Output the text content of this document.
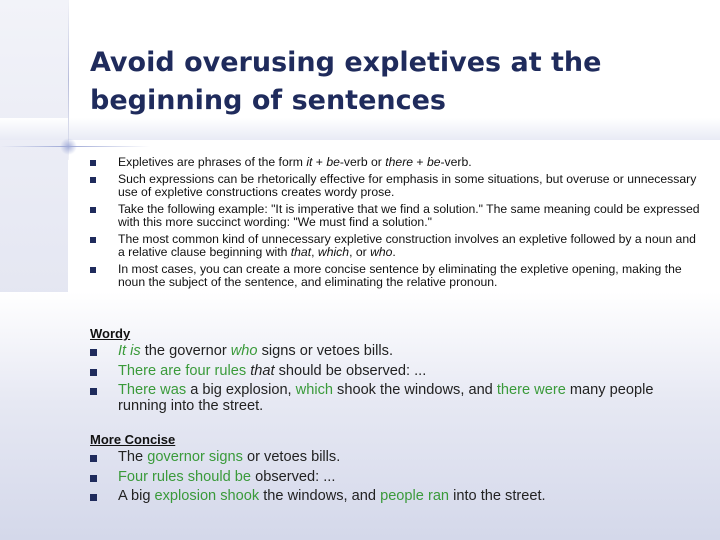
Avoid overusing expletives at the beginning of sentences
Expletives are phrases of the form it + be-verb or there + be-verb.
Such expressions can be rhetorically effective for emphasis in some situations, but overuse or unnecessary use of expletive constructions creates wordy prose.
Take the following example: "It is imperative that we find a solution." The same meaning could be expressed with this more succinct wording: "We must find a solution."
The most common kind of unnecessary expletive construction involves an expletive followed by a noun and a relative clause beginning with that, which, or who.
In most cases, you can create a more concise sentence by eliminating the expletive opening, making the noun the subject of the sentence, and eliminating the relative pronoun.

Wordy

It is the governor who signs or vetoes bills.
There are four rules that should be observed: ...
There was a big explosion, which shook the windows, and there were many people running into the street.

More Concise

The governor signs or vetoes bills.
Four rules should be observed: ...
A big explosion shook the windows, and people ran into the street.
